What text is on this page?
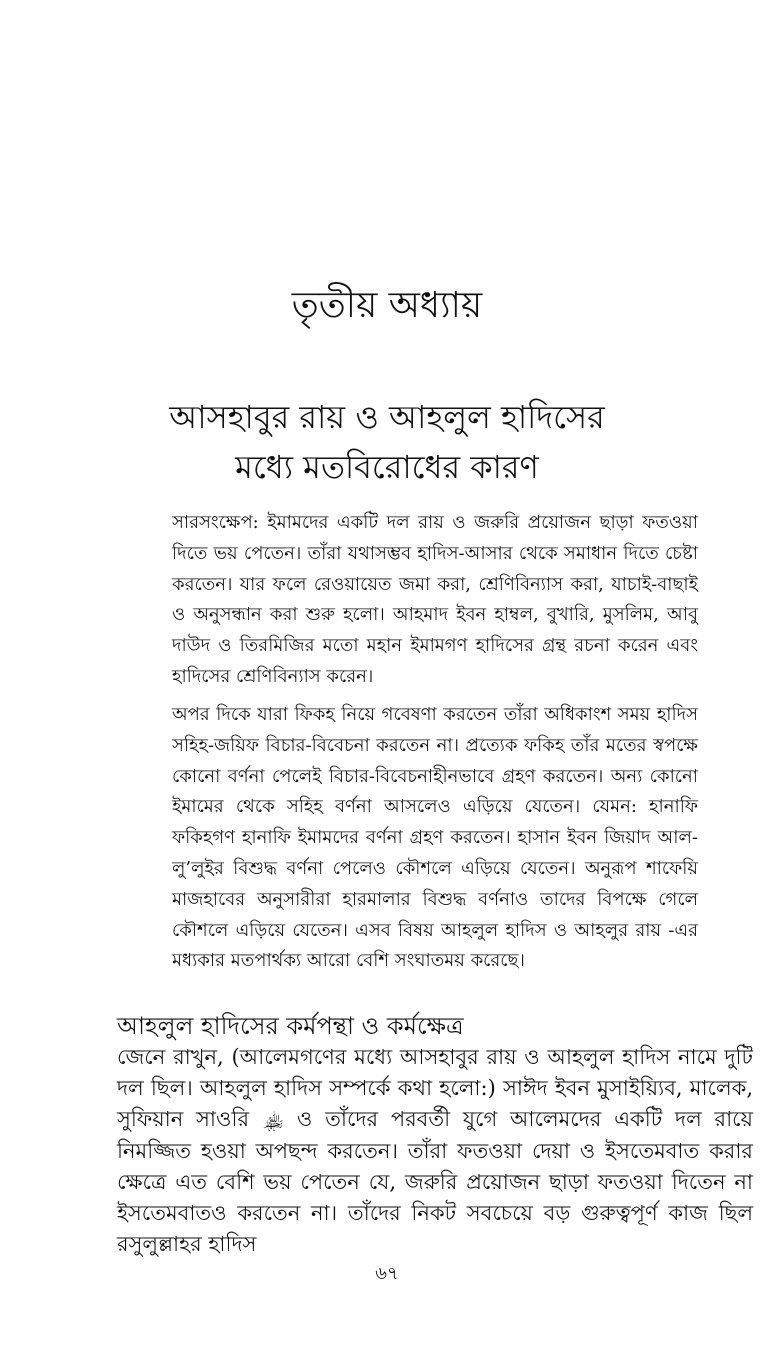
তৃতীয় অধ্যায়
আসহাবুর রায় ও আহলুল হাদিসের
মধ্যে মতবিরোধের কারণ

সারসংক্ষেপ: ইমামদের একটি দল রায় ও জরুরি প্রয়োজন ছাড়া ফতওয়া দিতে ভয় পেতেন। তাঁরা যথাসম্ভব হাদিস-আসার থেকে সমাধান দিতে চেষ্টা করতেন। যার ফলে রেওয়ায়েত জমা করা, শ্রেণিবিন্যাস করা, যাচাই-বাছাই ও অনুসন্ধান করা শুরু হলো। আহমাদ ইবন হাম্বল, বুখারি, মুসলিম, আবু দাউদ ও তিরমিজির মতো মহান ইমামগণ হাদিসের গ্রন্থ রচনা করেন এবং হাদিসের শ্রেণিবিন্যাস করেন।

অপর দিকে যারা ফিকহ নিয়ে গবেষণা করতেন তাঁরা অধিকাংশ সময় হাদিস সহিহ-জয়িফ বিচার-বিবেচনা করতেন না। প্রত্যেক ফকিহ তাঁর মতের স্বপক্ষে কোনো বর্ণনা পেলেই বিচার-বিবেচনাহীনভাবে গ্রহণ করতেন। অন্য কোনো ইমামের থেকে সহিহ বর্ণনা আসলেও এড়িয়ে যেতেন। যেমন: হানাফি ফকিহগণ হানাফি ইমামদের বর্ণনা গ্রহণ করতেন। হাসান ইবন জিয়াদ আল-লু’লুইর বিশুদ্ধ বর্ণনা পেলেও কৌশলে এড়িয়ে যেতেন। অনুরূপ শাফেয়ি মাজহাবের অনুসারীরা হারমালার বিশুদ্ধ বর্ণনাও তাদের বিপক্ষে গেলে কৌশলে এড়িয়ে যেতেন। এসব বিষয় আহলুল হাদিস ও আহলুর রায় -এর মধ্যকার মতপার্থক্য আরো বেশি সংঘাতময় করেছে।

আহলুল হাদিসের কর্মপন্থা ও কর্মক্ষেত্র

জেনে রাখুন, (আলেমগণের মধ্যে আসহাবুর রায় ও আহলুল হাদিস নামে দুটি দল ছিল। আহলুল হাদিস সম্পর্কে কথা হলো:) সাঈদ ইবন মুসাইয়্যিব, মালেক, সুফিয়ান সাওরি ﵏ ও তাঁদের পরবর্তী যুগে আলেমদের একটি দল রায়ে নিমজ্জিত হওয়া অপছন্দ করতেন। তাঁরা ফতওয়া দেয়া ও ইসতেমবাত করার ক্ষেত্রে এত বেশি ভয় পেতেন যে, জরুরি প্রয়োজন ছাড়া ফতওয়া দিতেন না ইসতেমবাতও করতেন না। তাঁদের নিকট সবচেয়ে বড় গুরুত্বপূর্ণ কাজ ছিল রসুলুল্লাহর হাদিস

৬৭
